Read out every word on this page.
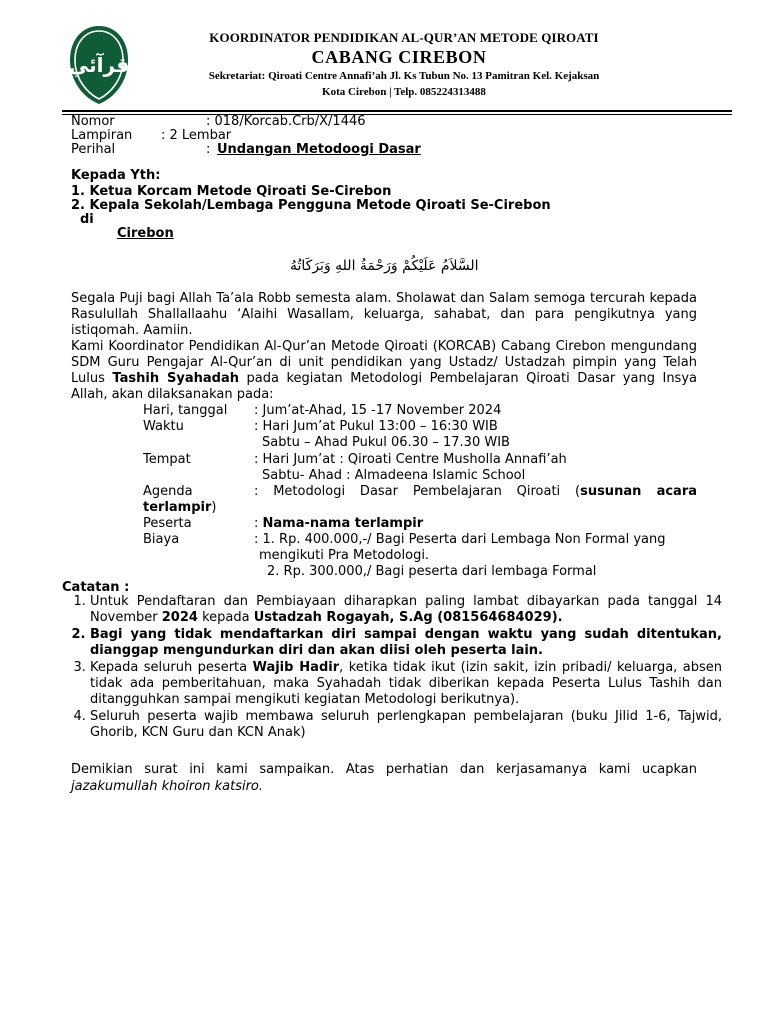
قرآئي
KOORDINATOR PENDIDIKAN AL-QUR’AN METODE QIROATI
CABANG CIREBON
Sekretariat: Qiroati Centre Annafi’ah Jl. Ks Tubun No. 13 Pamitran Kel. Kejaksan
Kota Cirebon | Telp. 085224313488
Nomor	: 018/Korcab.Crb/X/1446
Lampiran : 2 Lembar
Perihal	: Undangan Metodoogi Dasar
Kepada Yth:
1. Ketua Korcam Metode Qiroati Se-Cirebon
2. Kepala Sekolah/Lembaga Pengguna Metode Qiroati Se-Cirebon
di
Cirebon
السَّلاَمُ عَلَيْكُمْ وَرَحْمَةُ اللهِ وَبَرَكَاتُهُ
Segala Puji bagi Allah Ta’ala Robb semesta alam. Sholawat dan Salam semoga tercurah kepada Rasulullah Shallallaahu ‘Alaihi Wasallam, keluarga, sahabat, dan para pengikutnya yang istiqomah. Aamiin.
Kami Koordinator Pendidikan Al-Qur’an Metode Qiroati (KORCAB) Cabang Cirebon mengundang SDM Guru Pengajar Al-Qur’an di unit pendidikan yang Ustadz/ Ustadzah pimpin yang Telah Lulus Tashih Syahadah pada kegiatan Metodologi Pembelajaran Qiroati Dasar yang Insya Allah, akan dilaksanakan pada:
Hari, tanggal : Jum’at-Ahad, 15 -17 November 2024
Waktu	: Hari Jum’at Pukul 13:00 – 16:30 WIB
Sabtu – Ahad Pukul 06.30 – 17.30 WIB
Tempat	: Hari Jum’at : Qiroati Centre Musholla Annafi’ah
Sabtu- Ahad : Almadeena Islamic School
Agenda	: Metodologi Dasar Pembelajaran Qiroati (susunan acara
terlampir)
Peserta	: Nama-nama terlampir
Biaya	: 1. Rp. 400.000,-/ Bagi Peserta dari Lembaga Non Formal yang
mengikuti Pra Metodologi.
2. Rp. 300.000,/ Bagi peserta dari lembaga Formal
Catatan :
1. Untuk Pendaftaran dan Pembiayaan diharapkan paling lambat dibayarkan pada tanggal 14 November 2024 kepada Ustadzah Rogayah, S.Ag (081564684029).
2. Bagi yang tidak mendaftarkan diri sampai dengan waktu yang sudah ditentukan, dianggap mengundurkan diri dan akan diisi oleh peserta lain.
3. Kepada seluruh peserta Wajib Hadir, ketika tidak ikut (izin sakit, izin pribadi/ keluarga, absen tidak ada pemberitahuan, maka Syahadah tidak diberikan kepada Peserta Lulus Tashih dan ditangguhkan sampai mengikuti kegiatan Metodologi berikutnya).
4. Seluruh peserta wajib membawa seluruh perlengkapan pembelajaran (buku Jilid 1-6, Tajwid, Ghorib, KCN Guru dan KCN Anak)
Demikian surat ini kami sampaikan. Atas perhatian dan kerjasamanya kami ucapkan
jazakumullah khoiron katsiro.
